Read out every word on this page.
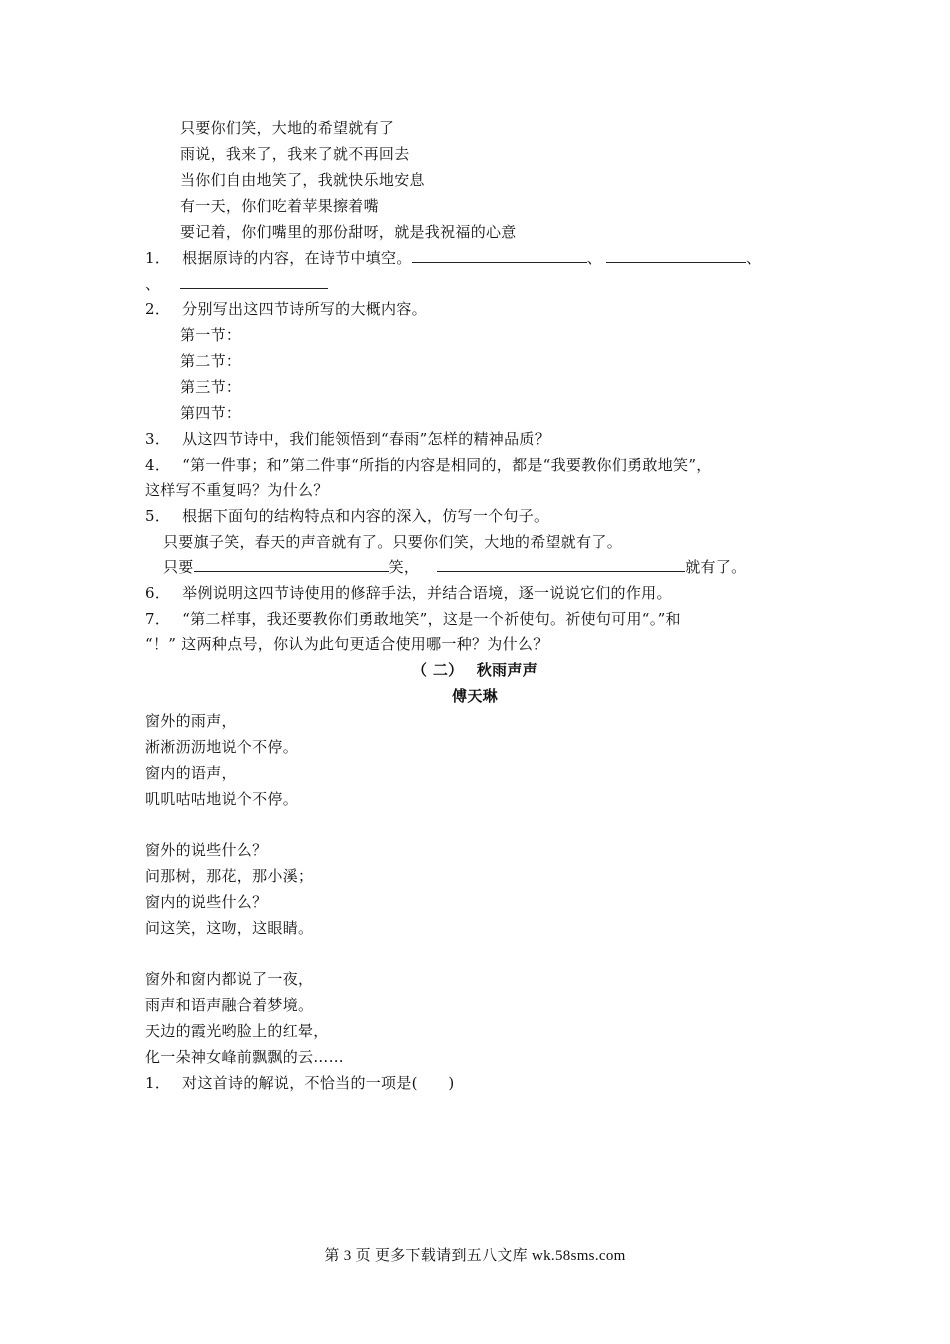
只要你们笑，大地的希望就有了
雨说，我来了，我来了就不再回去
当你们自由地笑了，我就快乐地安息
有一天，你们吃着苹果擦着嘴
要记着，你们嘴里的那份甜呀，就是我祝福的心意
1． 根据原诗的内容，在诗节中填空。	、	、
、
2． 分别写出这四节诗所写的大概内容。
第一节：
第二节：
第三节：
第四节：
3． 从这四节诗中，我们能领悟到“春雨”怎样的精神品质？
4． “第一件事；和”第二件事“所指的内容是相同的，都是“我要教你们勇敢地笑”，
这样写不重复吗？为什么？
5． 根据下面句的结构特点和内容的深入，仿写一个句子。
只要旗子笑，春天的声音就有了。只要你们笑，大地的希望就有了。
只要	笑，	就有了。
6． 举例说明这四节诗使用的修辞手法，并结合语境，逐一说说它们的作用。
7． “第二样事，我还要教你们勇敢地笑”，这是一个祈使句。祈使句可用“。”和
“！” 这两种点号，你认为此句更适合使用哪一种？为什么？
（ 二）　 秋雨声声
傅天琳
窗外的雨声，
淅淅沥沥地说个不停。
窗内的语声，
叽叽咕咕地说个不停。
窗外的说些什么？
问那树，那花，那小溪；
窗内的说些什么？
问这笑，这吻，这眼睛。
窗外和窗内都说了一夜，
雨声和语声融合着梦境。
天边的霞光哟脸上的红晕，
化一朵神女峰前飘飘的云……
1． 对这首诗的解说，不恰当的一项是(　　)
第 3 页 更多下载请到五八文库 wk.58sms.com
